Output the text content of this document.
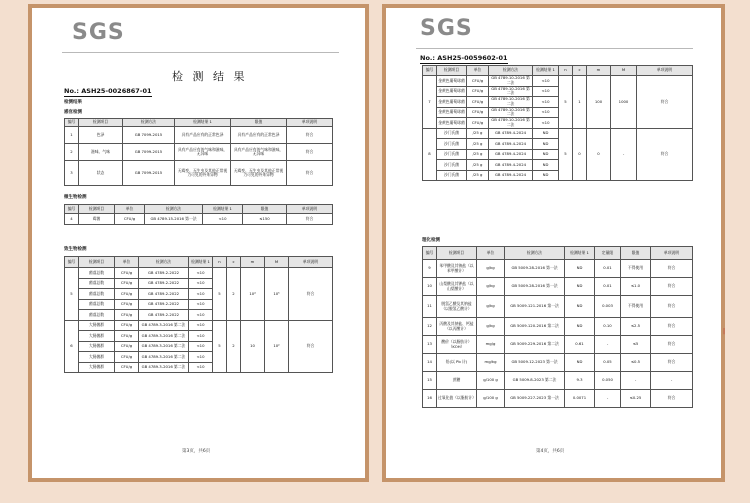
SGS
检 测 结 果
No.: ASH25-0026867-01
检测结果
感官检测
编号	检测项目	检测方法	检测结果 1	限值	单项说明
1	色泽	GB 7099-2015	具有产品应有的正常色泽	具有产品应有的正常色泽	符合
2	滋味、气味	GB 7099-2015	具有产品应有的气味和滋味，无异味	具有产品应有的气味和滋味，无异味	符合
3	状态	GB 7099-2015	无霉变、无生虫及其他正常视力可见的外来异物	无霉变、无生虫及其他正常视力可见的外来异物	符合
微生物检测
编号	检测项目	单位	检测方法	检测结果 1	限值	单项说明
4	霉菌	CFU/g	GB 4789.15-2016 第一法	<10	≤150	符合
致生物检测
编号	检测项目	单位	检测方法	检测结果 1	n	c	m	M	单项说明
5	菌落总数	CFU/g	GB 4789.2-2022	<10	5	2	10⁴	10⁵	符合
	菌落总数	CFU/g	GB 4789.2-2022	<10					
	菌落总数	CFU/g	GB 4789.2-2022	<10					
	菌落总数	CFU/g	GB 4789.2-2022	<10					
	菌落总数	CFU/g	GB 4789.2-2022	<10					
6	大肠菌群	CFU/g	GB 4789.3-2016 第二法	<10	5	2	10	10²	符合
	大肠菌群	CFU/g	GB 4789.3-2016 第二法	<10					
	大肠菌群	CFU/g	GB 4789.3-2016 第二法	<10					
	大肠菌群	CFU/g	GB 4789.3-2016 第二法	<10					
	大肠菌群	CFU/g	GB 4789.3-2016 第二法	<10					
第3页，共6页
SGS
No.: ASH25-0059602-01
编号	检测项目	单位	检测方法	检测结果 1	n	c	m	M	单项说明
7	金黄色葡萄球菌	CFU/g	GB 4789.10-2016 第二法	<10	5	1	100	1000	符合
	金黄色葡萄球菌	CFU/g	GB 4789.10-2016 第二法	<10					
	金黄色葡萄球菌	CFU/g	GB 4789.10-2016 第二法	<10					
	金黄色葡萄球菌	CFU/g	GB 4789.10-2016 第二法	<10					
	金黄色葡萄球菌	CFU/g	GB 4789.10-2016 第二法	<10					
8	沙门氏菌	/25 g	GB 4789.4-2024	ND	5	0	0	-	符合
	沙门氏菌	/25 g	GB 4789.4-2024	ND					
	沙门氏菌	/25 g	GB 4789.4-2024	ND					
	沙门氏菌	/25 g	GB 4789.4-2024	ND					
	沙门氏菌	/25 g	GB 4789.4-2024	ND					
理化检测
编号	检测项目	单位	检测方法	检测结果 1	定量限	限值	单项说明
9	苯甲酸及其钠盐（以苯甲酸计）	g/kg	GB 5009.28-2016 第一法	ND	0.01	不得使用	符合
10	山梨酸及其钾盐（以山梨酸计）	g/kg	GB 5009.28-2016 第一法	ND	0.01	≤1.0	符合
11	脱氢乙酸及其钠盐（以脱氢乙酸计）	g/kg	GB 5009.121-2016 第一法	ND	0.003	不得使用	符合
12	丙酸及其钠盐、钙盐（以丙酸计）	g/kg	GB 5009.120-2016 第二法	ND	0.10	≤2.5	符合
13	酸价（以脂肪计）（KOH）	mg/g	GB 5009.229-2016 第二法	0.61	-	≤5	符合
14	铅(以 Pb 计)	mg/kg	GB 5009.12-2023 第一法	ND	0.05	≤0.5	符合
15	蔗糖	g/100 g	GB 5009.8-2023 第二法	9.3	0.050	-	-
16	过氧化值（以脂肪计）	g/100 g	GB 5009.227-2023 第一法	0.0071	-	≤0.25	符合
|
第4页，共6页
